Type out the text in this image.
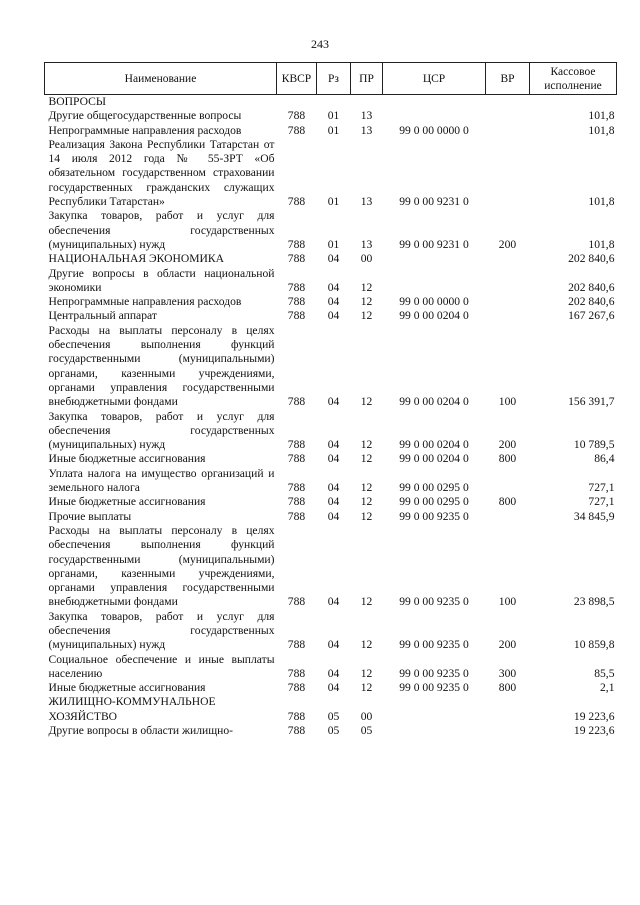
243
Наименование	КВСР	Рз	ПР	ЦСР	ВР	Кассовое
исполнение
ВОПРОСЫ						
Другие общегосударственные вопросы	788	01	13			101,8
Непрограммные направления расходов	788	01	13	99 0 00 0000 0		101,8
Реализация Закона Республики Татарстан от 14 июля 2012 года № 55-ЗРТ «Об обязательном государственном страховании государственных гражданских служащих Республики Татарстан»	788	01	13	99 0 00 9231 0		101,8
Закупка товаров, работ и услуг для обеспечения государственных (муниципальных) нужд	788	01	13	99 0 00 9231 0	200	101,8
НАЦИОНАЛЬНАЯ ЭКОНОМИКА	788	04	00			202 840,6
Другие вопросы в области национальной экономики	788	04	12			202 840,6
Непрограммные направления расходов	788	04	12	99 0 00 0000 0		202 840,6
Центральный аппарат	788	04	12	99 0 00 0204 0		167 267,6
Расходы на выплаты персоналу в целях обеспечения выполнения функций государственными (муниципальными) органами, казенными учреждениями, органами управления государственными внебюджетными фондами	788	04	12	99 0 00 0204 0	100	156 391,7
Закупка товаров, работ и услуг для обеспечения государственных (муниципальных) нужд	788	04	12	99 0 00 0204 0	200	10 789,5
Иные бюджетные ассигнования	788	04	12	99 0 00 0204 0	800	86,4
Уплата налога на имущество организаций и земельного налога	788	04	12	99 0 00 0295 0		727,1
Иные бюджетные ассигнования	788	04	12	99 0 00 0295 0	800	727,1
Прочие выплаты	788	04	12	99 0 00 9235 0		34 845,9
Расходы на выплаты персоналу в целях обеспечения выполнения функций государственными (муниципальными) органами, казенными учреждениями, органами управления государственными внебюджетными фондами	788	04	12	99 0 00 9235 0	100	23 898,5
Закупка товаров, работ и услуг для обеспечения государственных (муниципальных) нужд	788	04	12	99 0 00 9235 0	200	10 859,8
Социальное обеспечение и иные выплаты населению	788	04	12	99 0 00 9235 0	300	85,5
Иные бюджетные ассигнования	788	04	12	99 0 00 9235 0	800	2,1
ЖИЛИЩНО-КОММУНАЛЬНОЕ ХОЗЯЙСТВО	788	05	00			19 223,6
Другие вопросы в области жилищно-	788	05	05			19 223,6
